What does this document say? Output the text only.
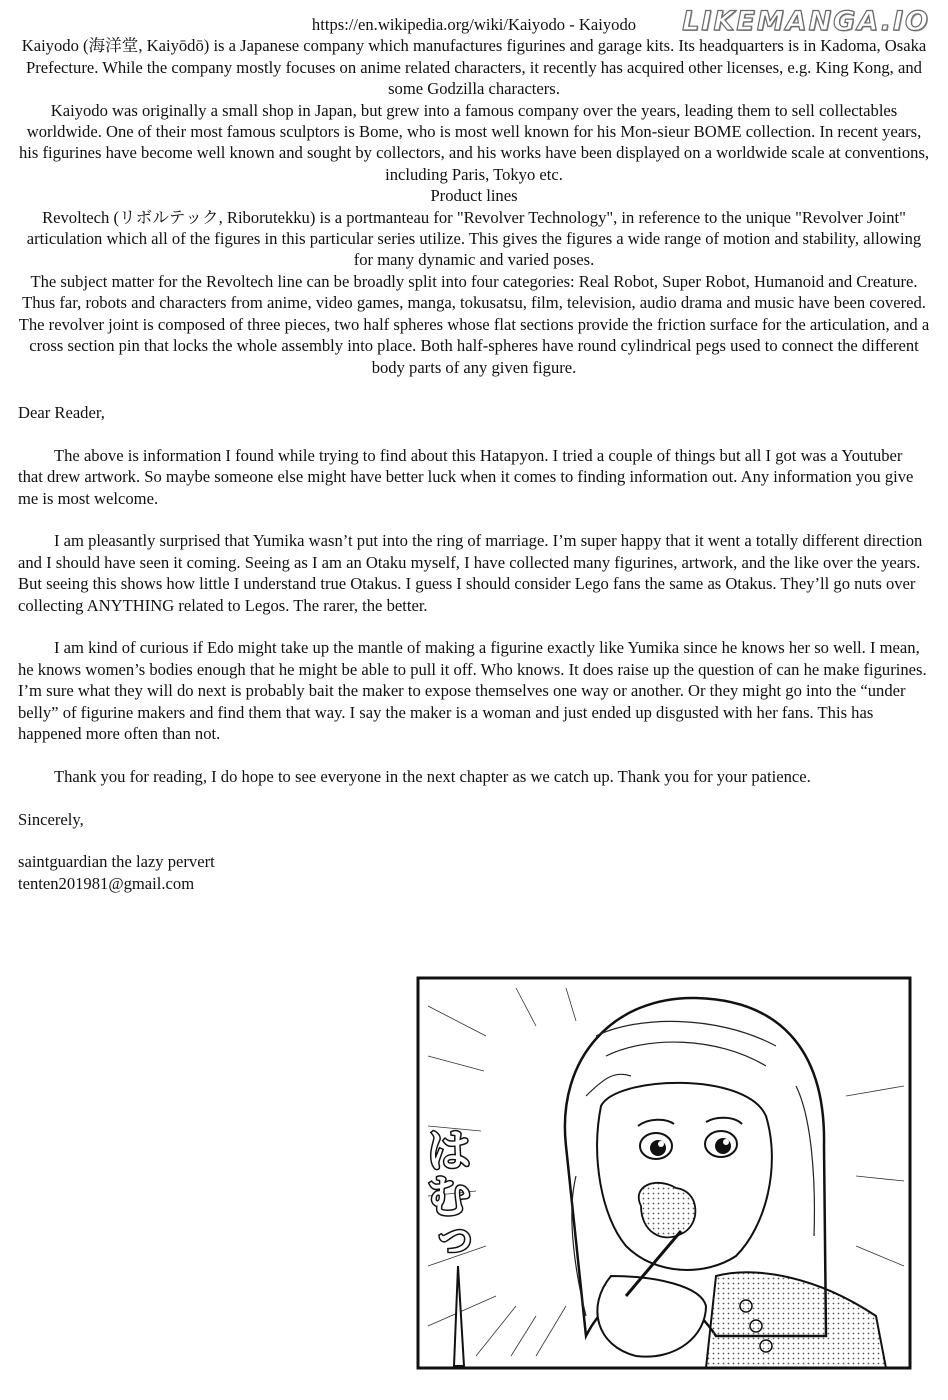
LIKEMANGA.IO

https://en.wikipedia.org/wiki/Kaiyodo - Kaiyodo

Kaiyodo (海洋堂, Kaiyōdō) is a Japanese company which manufactures figurines and garage kits. Its headquarters is in Kadoma, Osaka Prefecture. While the company mostly focuses on anime related characters, it recently has acquired other licenses, e.g. King Kong, and some Godzilla characters.

Kaiyodo was originally a small shop in Japan, but grew into a famous company over the years, leading them to sell collectables worldwide. One of their most famous sculptors is Bome, who is most well known for his Mon-sieur BOME collection. In recent years, his figurines have become well known and sought by collectors, and his works have been displayed on a worldwide scale at conventions, including Paris, Tokyo etc.

Product lines

Revoltech (リボルテック, Riborutekku) is a portmanteau for "Revolver Technology", in reference to the unique "Revolver Joint" articulation which all of the figures in this particular series utilize. This gives the figures a wide range of motion and stability, allowing for many dynamic and varied poses.

The subject matter for the Revoltech line can be broadly split into four categories: Real Robot, Super Robot, Humanoid and Creature. Thus far, robots and characters from anime, video games, manga, tokusatsu, film, television, audio drama and music have been covered. The revolver joint is composed of three pieces, two half spheres whose flat sections provide the friction surface for the articulation, and a cross section pin that locks the whole assembly into place. Both half-spheres have round cylindrical pegs used to connect the different body parts of any given figure.

Dear Reader,

The above is information I found while trying to find about this Hatapyon. I tried a couple of things but all I got was a Youtuber that drew artwork. So maybe someone else might have better luck when it comes to finding information out. Any information you give me is most welcome.

I am pleasantly surprised that Yumika wasn’t put into the ring of marriage. I’m super happy that it went a totally different direction and I should have seen it coming. Seeing as I am an Otaku myself, I have collected many figurines, artwork, and the like over the years. But seeing this shows how little I understand true Otakus. I guess I should consider Lego fans the same as Otakus. They’ll go nuts over collecting ANYTHING related to Legos. The rarer, the better.

I am kind of curious if Edo might take up the mantle of making a figurine exactly like Yumika since he knows her so well. I mean, he knows women’s bodies enough that he might be able to pull it off. Who knows. It does raise up the question of can he make figurines. I’m sure what they will do next is probably bait the maker to expose themselves one way or another. Or they might go into the “under belly” of figurine makers and find them that way. I say the maker is a woman and just ended up disgusted with her fans. This has happened more often than not.

Thank you for reading, I do hope to see everyone in the next chapter as we catch up. Thank you for your patience.

Sincerely,

saintguardian the lazy pervert

tenten201981@gmail.com

はむっ
